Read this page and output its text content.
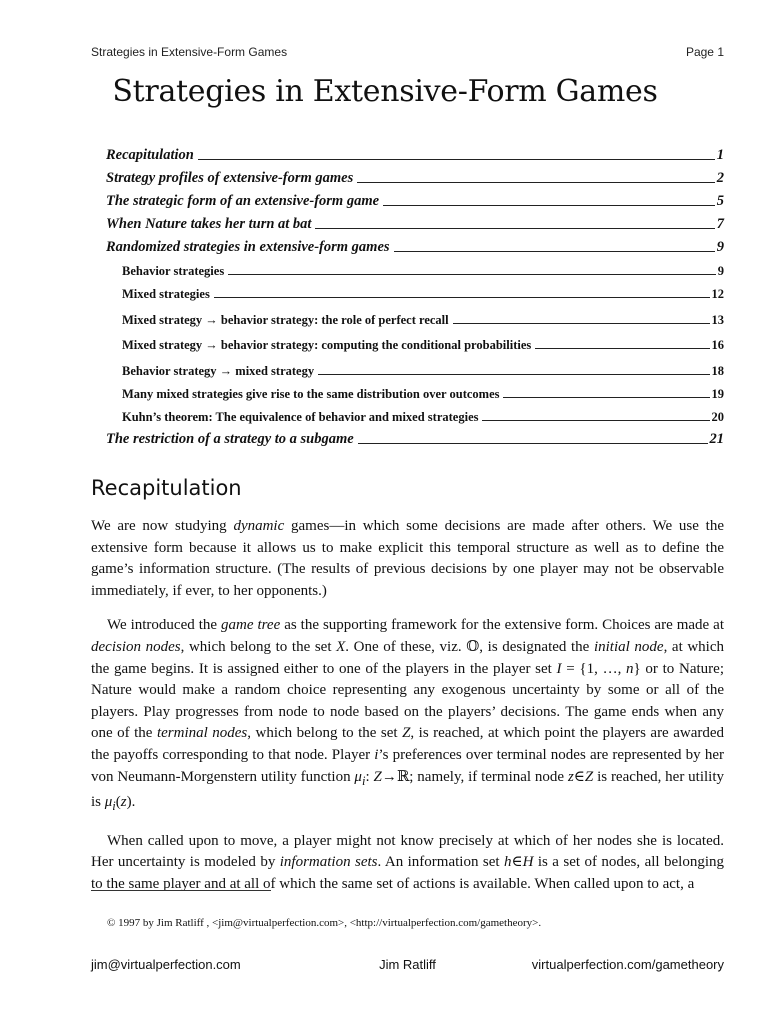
Strategies in Extensive-Form Games	Page 1
Strategies in Extensive-Form Games
Recapitulation	1
Strategy profiles of extensive-form games	2
The strategic form of an extensive-form game	5
When Nature takes her turn at bat	7
Randomized strategies in extensive-form games	9
Behavior strategies	9
Mixed strategies	12
Mixed strategy → behavior strategy: the role of perfect recall	13
Mixed strategy → behavior strategy: computing the conditional probabilities	16
Behavior strategy → mixed strategy	18
Many mixed strategies give rise to the same distribution over outcomes	19
Kuhn’s theorem: The equivalence of behavior and mixed strategies	20
The restriction of a strategy to a subgame	21
Recapitulation

We are now studying dynamic games—in which some decisions are made after others. We use the extensive form because it allows us to make explicit this temporal structure as well as to define the game’s information structure. (The results of previous decisions by one player may not be observable immediately, if ever, to her opponents.)

We introduced the game tree as the supporting framework for the extensive form. Choices are made at decision nodes, which belong to the set X. One of these, viz. 𝕆, is designated the initial node, at which the game begins. It is assigned either to one of the players in the player set I = {1, …, n} or to Nature; Nature would make a random choice representing any exogenous uncertainty by some or all of the players. Play progresses from node to node based on the players’ decisions. The game ends when any one of the terminal nodes, which belong to the set Z, is reached, at which point the players are awarded the payoffs corresponding to that node. Player i’s preferences over terminal nodes are represented by her von Neumann-Morgenstern utility function $\mu_i$: Z→ℝ; namely, if terminal node z∈Z is reached, her utility is $\mu_i(z)$.

When called upon to move, a player might not know precisely at which of her nodes she is located. Her uncertainty is modeled by information sets. An information set h∈H is a set of nodes, all belonging to the same player and at all of which the same set of actions is available. When called upon to act, a

© 1997 by Jim Ratliff , <jim@virtualperfection.com>, <http://virtualperfection.com/gametheory>.
jim@virtualperfection.com	Jim Ratliff	virtualperfection.com/gametheory
